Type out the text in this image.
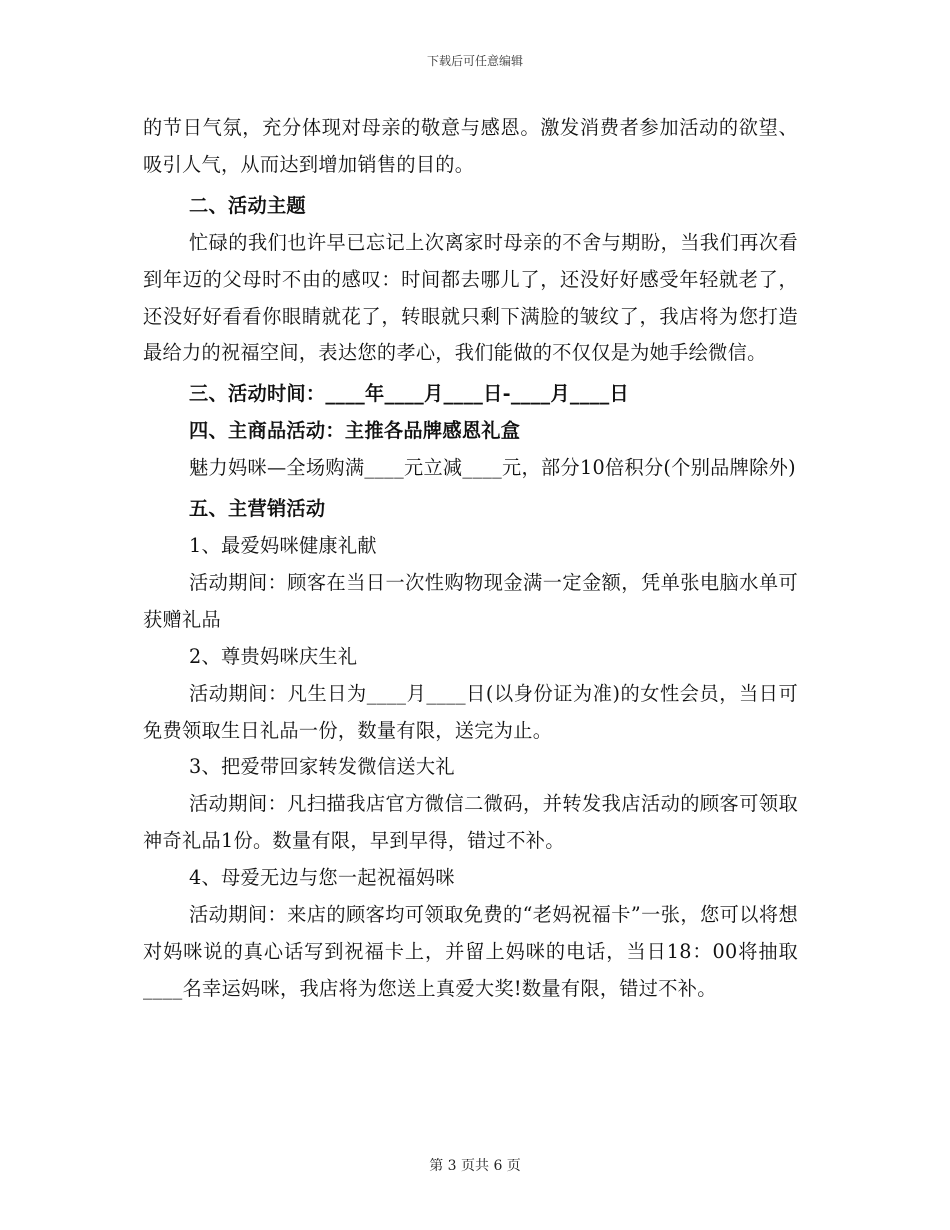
下载后可任意编辑

的节日气氛，充分体现对母亲的敬意与感恩。激发消费者参加活动的欲望、吸引人气，从而达到增加销售的目的。

二、活动主题

忙碌的我们也许早已忘记上次离家时母亲的不舍与期盼，当我们再次看到年迈的父母时不由的感叹：时间都去哪儿了，还没好好感受年轻就老了，还没好好看看你眼睛就花了，转眼就只剩下满脸的皱纹了，我店将为您打造最给力的祝福空间，表达您的孝心，我们能做的不仅仅是为她手绘微信。

三、活动时间：____年____月____日-____月____日

四、主商品活动：主推各品牌感恩礼盒

魅力妈咪—全场购满____元立减____元，部分10倍积分(个别品牌除外)

五、主营销活动

1、最爱妈咪健康礼献

活动期间：顾客在当日一次性购物现金满一定金额，凭单张电脑水单可获赠礼品

2、尊贵妈咪庆生礼

活动期间：凡生日为____月____日(以身份证为准)的女性会员，当日可免费领取生日礼品一份，数量有限，送完为止。

3、把爱带回家转发微信送大礼

活动期间：凡扫描我店官方微信二微码，并转发我店活动的顾客可领取神奇礼品1份。数量有限，早到早得，错过不补。

4、母爱无边与您一起祝福妈咪

活动期间：来店的顾客均可领取免费的“老妈祝福卡”一张，您可以将想对妈咪说的真心话写到祝福卡上，并留上妈咪的电话，当日18：00将抽取____名幸运妈咪，我店将为您送上真爱大奖!数量有限，错过不补。

第 3 页共 6 页
